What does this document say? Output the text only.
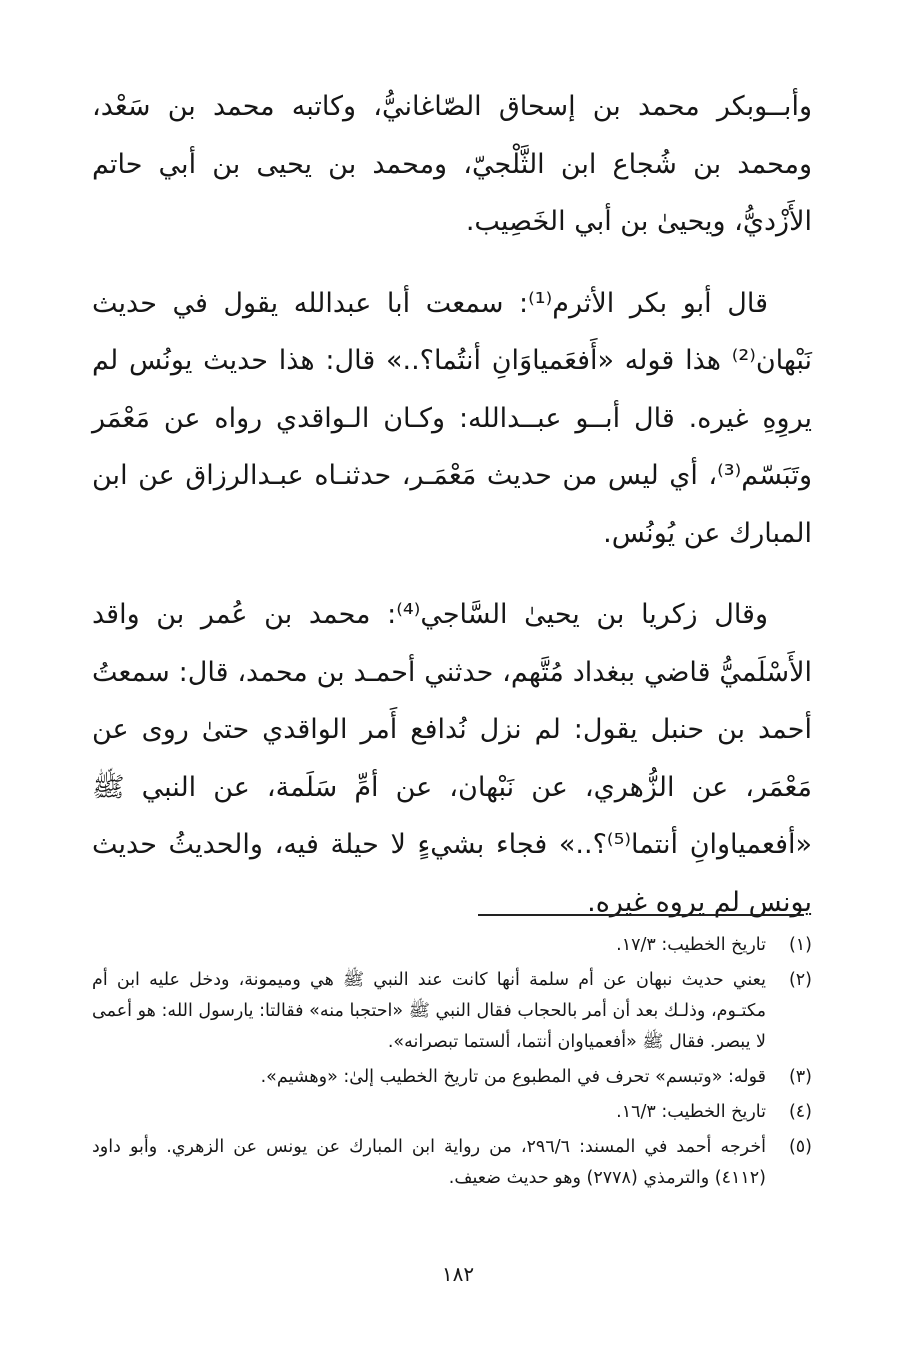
وأبــوبكر محمد بن إسحاق الصّاغانيُّ، وكاتبه محمد بن سَعْد، ومحمد بن شُجاع ابن الثَّلْجيّ، ومحمد بن يحيى بن أبي حاتم الأَزْديُّ، ويحيىٰ بن أبي الخَصِيب.

قال أبو بكر الأثرم⁽¹⁾: سمعت أبا عبدالله يقول في حديث نَبْهان⁽²⁾ هذا قوله «أَفعَمياوَانِ أنتُما؟..» قال: هذا حديث يونُس لم يروِهِ غيره. قال أبــو عبــدالله: وكـان الـواقدي رواه عن مَعْمَر وتَبَسّم⁽³⁾، أي ليس من حديث مَعْمَـر، حدثنـاه عبـدالرزاق عن ابن المبارك عن يُونُس.

وقال زكريا بن يحيىٰ السَّاجي⁽⁴⁾: محمد بن عُمر بن واقد الأَسْلَميُّ قاضي ببغداد مُتَّهم، حدثني أحمـد بن محمد، قال: سمعتُ أحمد بن حنبل يقول: لم نزل نُدافع أَمر الواقدي حتىٰ روى عن مَعْمَر، عن الزُّهري، عن نَبْهان، عن أمِّ سَلَمة، عن النبي ﷺ «أفعمياوانِ أنتما⁽⁵⁾؟..» فجاء بشيءٍ لا حيلة فيه، والحديثُ حديث يونس لم يروه غيره.

(١)
تاريخ الخطيب: ١٧/٣.
(٢)
يعني حديث نبهان عن أم سلمة أنها كانت عند النبي ﷺ هي وميمونة، ودخل عليه ابن أم مكتـوم، وذلـك بعد أن أمر بالحجاب فقال النبي ﷺ «احتجبا منه» فقالتا: يارسول الله: هو أعمى لا يبصر. فقال ﷺ «أفعمياوان أنتما، ألستما تبصرانه».
(٣)
قوله: «وتبسم» تحرف في المطبوع من تاريخ الخطيب إلىٰ: «وهشيم».
(٤)
تاريخ الخطيب: ١٦/٣.
(٥)
أخرجه أحمد في المسند: ٢٩٦/٦، من رواية ابن المبارك عن يونس عن الزهري. وأبو داود (٤١١٢) والترمذي (٢٧٧٨) وهو حديث ضعيف.
١٨٢
